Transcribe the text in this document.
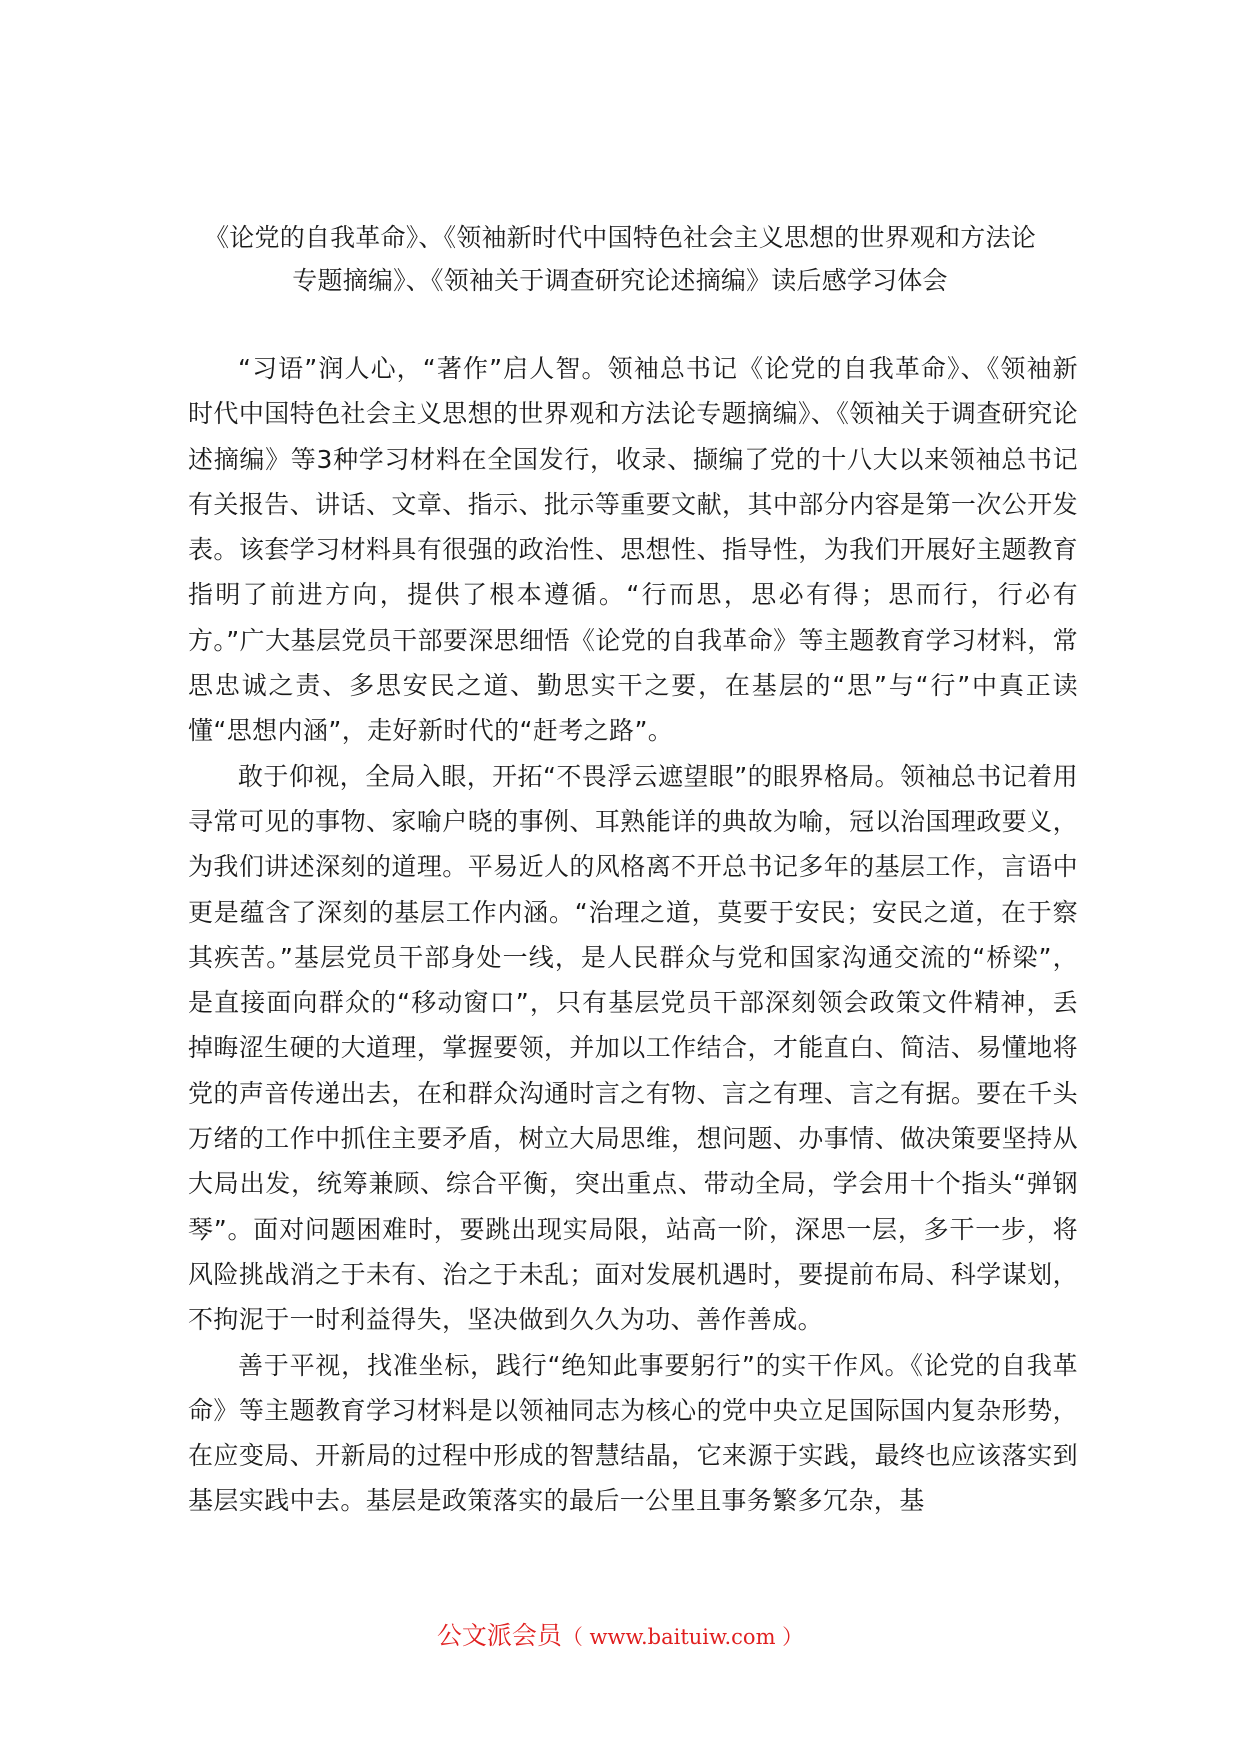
《论党的自我革命》、《领袖新时代中国特色社会主义思想的世界观和方法论
专题摘编》、《领袖关于调查研究论述摘编》读后感学习体会

“习语”润人心，“著作”启人智。领袖总书记《论党的自我革命》、《领袖新时代中国特色社会主义思想的世界观和方法论专题摘编》、《领袖关于调查研究论述摘编》等3种学习材料在全国发行，收录、撷编了党的十八大以来领袖总书记有关报告、讲话、文章、指示、批示等重要文献，其中部分内容是第一次公开发表。该套学习材料具有很强的政治性、思想性、指导性，为我们开展好主题教育指明了前进方向，提供了根本遵循。“行而思，思必有得；思而行，行必有方。”广大基层党员干部要深思细悟《论党的自我革命》等主题教育学习材料，常思忠诚之责、多思安民之道、勤思实干之要，在基层的“思”与“行”中真正读懂“思想内涵”，走好新时代的“赶考之路”。

敢于仰视，全局入眼，开拓“不畏浮云遮望眼”的眼界格局。领袖总书记着用寻常可见的事物、家喻户晓的事例、耳熟能详的典故为喻，冠以治国理政要义，为我们讲述深刻的道理。平易近人的风格离不开总书记多年的基层工作，言语中更是蕴含了深刻的基层工作内涵。“治理之道，莫要于安民；安民之道，在于察其疾苦。”基层党员干部身处一线，是人民群众与党和国家沟通交流的“桥梁”，是直接面向群众的“移动窗口”，只有基层党员干部深刻领会政策文件精神，丢掉晦涩生硬的大道理，掌握要领，并加以工作结合，才能直白、简洁、易懂地将党的声音传递出去，在和群众沟通时言之有物、言之有理、言之有据。要在千头万绪的工作中抓住主要矛盾，树立大局思维，想问题、办事情、做决策要坚持从大局出发，统筹兼顾、综合平衡，突出重点、带动全局，学会用十个指头“弹钢琴”。面对问题困难时，要跳出现实局限，站高一阶，深思一层，多干一步，将风险挑战消之于未有、治之于未乱；面对发展机遇时，要提前布局、科学谋划，不拘泥于一时利益得失，坚决做到久久为功、善作善成。

善于平视，找准坐标，践行“绝知此事要躬行”的实干作风。《论党的自我革命》等主题教育学习材料是以领袖同志为核心的党中央立足国际国内复杂形势，在应变局、开新局的过程中形成的智慧结晶，它来源于实践，最终也应该落实到基层实践中去。基层是政策落实的最后一公里且事务繁多冗杂，基

公文派会员（ www.baituiw.com ）
